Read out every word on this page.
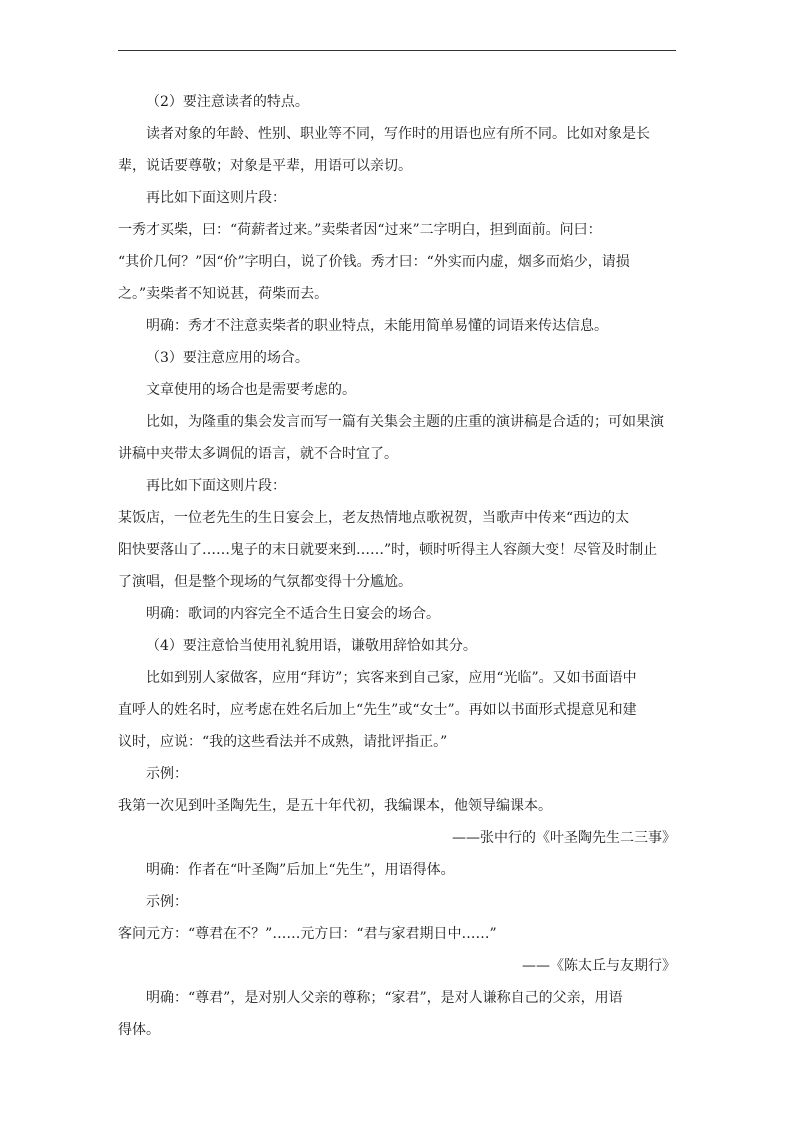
（2）要注意读者的特点。
读者对象的年龄、性别、职业等不同，写作时的用语也应有所不同。比如对象是长
辈，说话要尊敬；对象是平辈，用语可以亲切。
再比如下面这则片段：
一秀才买柴，曰：“荷薪者过来。”卖柴者因“过来”二字明白，担到面前。问曰：
“其价几何？”因“价”字明白，说了价钱。秀才曰：“外实而内虚，烟多而焰少，请损
之。”卖柴者不知说甚，荷柴而去。
明确：秀才不注意卖柴者的职业特点，未能用简单易懂的词语来传达信息。
（3）要注意应用的场合。
文章使用的场合也是需要考虑的。
比如，为隆重的集会发言而写一篇有关集会主题的庄重的演讲稿是合适的；可如果演
讲稿中夹带太多调侃的语言，就不合时宜了。
再比如下面这则片段：
某饭店，一位老先生的生日宴会上，老友热情地点歌祝贺，当歌声中传来“西边的太
阳快要落山了……鬼子的末日就要来到……”时，顿时听得主人容颜大变！尽管及时制止
了演唱，但是整个现场的气氛都变得十分尴尬。
明确：歌词的内容完全不适合生日宴会的场合。
（4）要注意恰当使用礼貌用语，谦敬用辞恰如其分。
比如到别人家做客，应用“拜访”；宾客来到自己家，应用“光临”。又如书面语中
直呼人的姓名时，应考虑在姓名后加上“先生”或“女士”。再如以书面形式提意见和建
议时，应说：“我的这些看法并不成熟，请批评指正。”
示例：
我第一次见到叶圣陶先生，是五十年代初，我编课本，他领导编课本。
——张中行的《叶圣陶先生二三事》
明确：作者在“叶圣陶”后加上“先生”，用语得体。
示例：
客问元方：“尊君在不？”……元方曰：“君与家君期日中……”
——《陈太丘与友期行》
明确：“尊君”，是对别人父亲的尊称；“家君”，是对人谦称自己的父亲，用语
得体。
